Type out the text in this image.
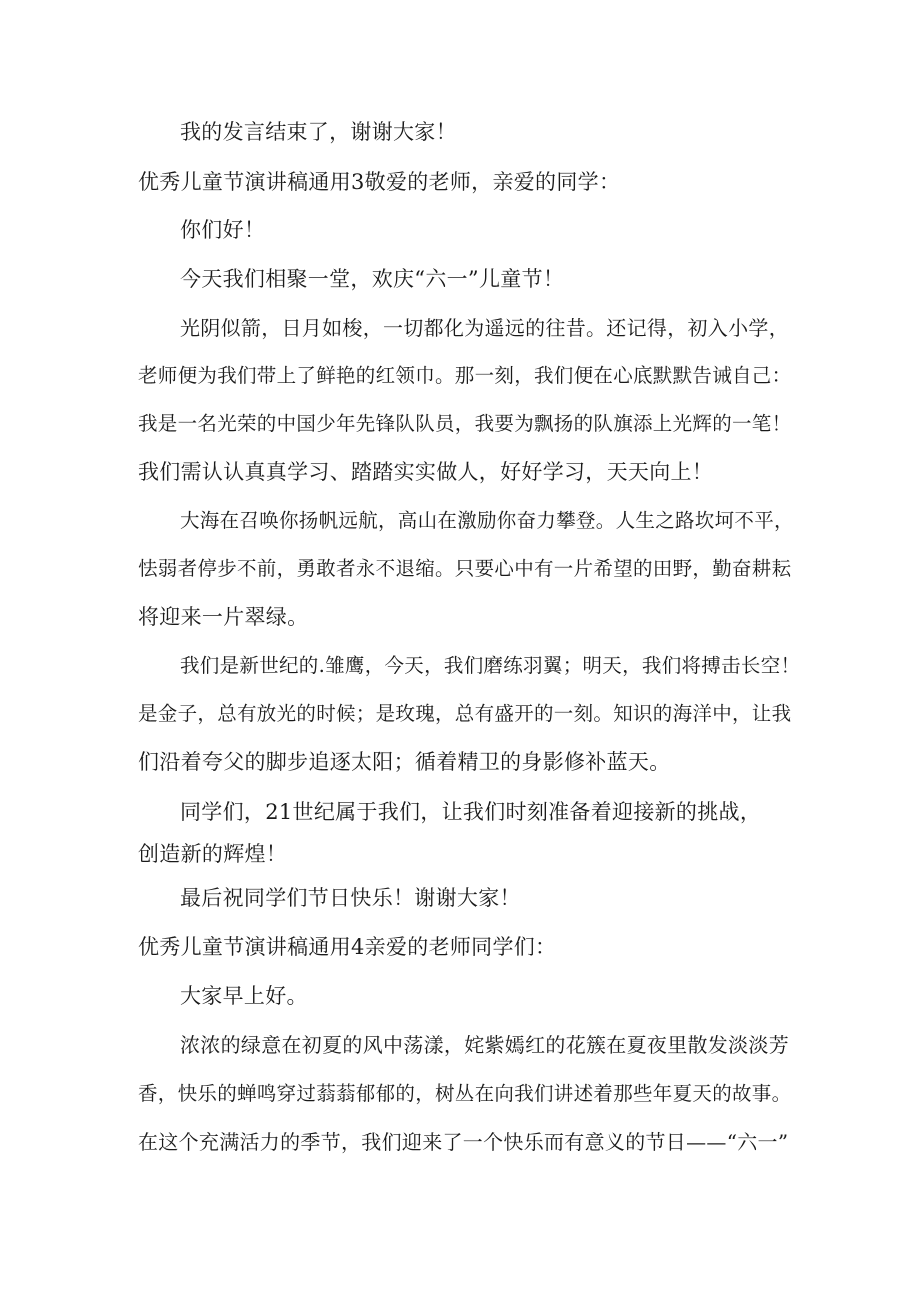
我的发言结束了，谢谢大家！
优秀儿童节演讲稿通用3敬爱的老师，亲爱的同学：
你们好！
今天我们相聚一堂，欢庆“六一”儿童节！
光阴似箭，日月如梭，一切都化为遥远的往昔。还记得，初入小学，
老师便为我们带上了鲜艳的红领巾。那一刻，我们便在心底默默告诫自己：
我是一名光荣的中国少年先锋队队员，我要为飘扬的队旗添上光辉的一笔！
我们需认认真真学习、踏踏实实做人，好好学习，天天向上！
大海在召唤你扬帆远航，高山在激励你奋力攀登。人生之路坎坷不平，
怯弱者停步不前，勇敢者永不退缩。只要心中有一片希望的田野，勤奋耕耘
将迎来一片翠绿。
我们是新世纪的.雏鹰，今天，我们磨练羽翼；明天，我们将搏击长空！
是金子，总有放光的时候；是玫瑰，总有盛开的一刻。知识的海洋中，让我
们沿着夸父的脚步追逐太阳；循着精卫的身影修补蓝天。
同学们，21世纪属于我们，让我们时刻准备着迎接新的挑战，
创造新的辉煌！
最后祝同学们节日快乐！谢谢大家！
优秀儿童节演讲稿通用4亲爱的老师同学们：
大家早上好。
浓浓的绿意在初夏的风中荡漾，姹紫嫣红的花簇在夏夜里散发淡淡芳
香，快乐的蝉鸣穿过蓊蓊郁郁的，树丛在向我们讲述着那些年夏天的故事。
在这个充满活力的季节，我们迎来了一个快乐而有意义的节日——“六一”
